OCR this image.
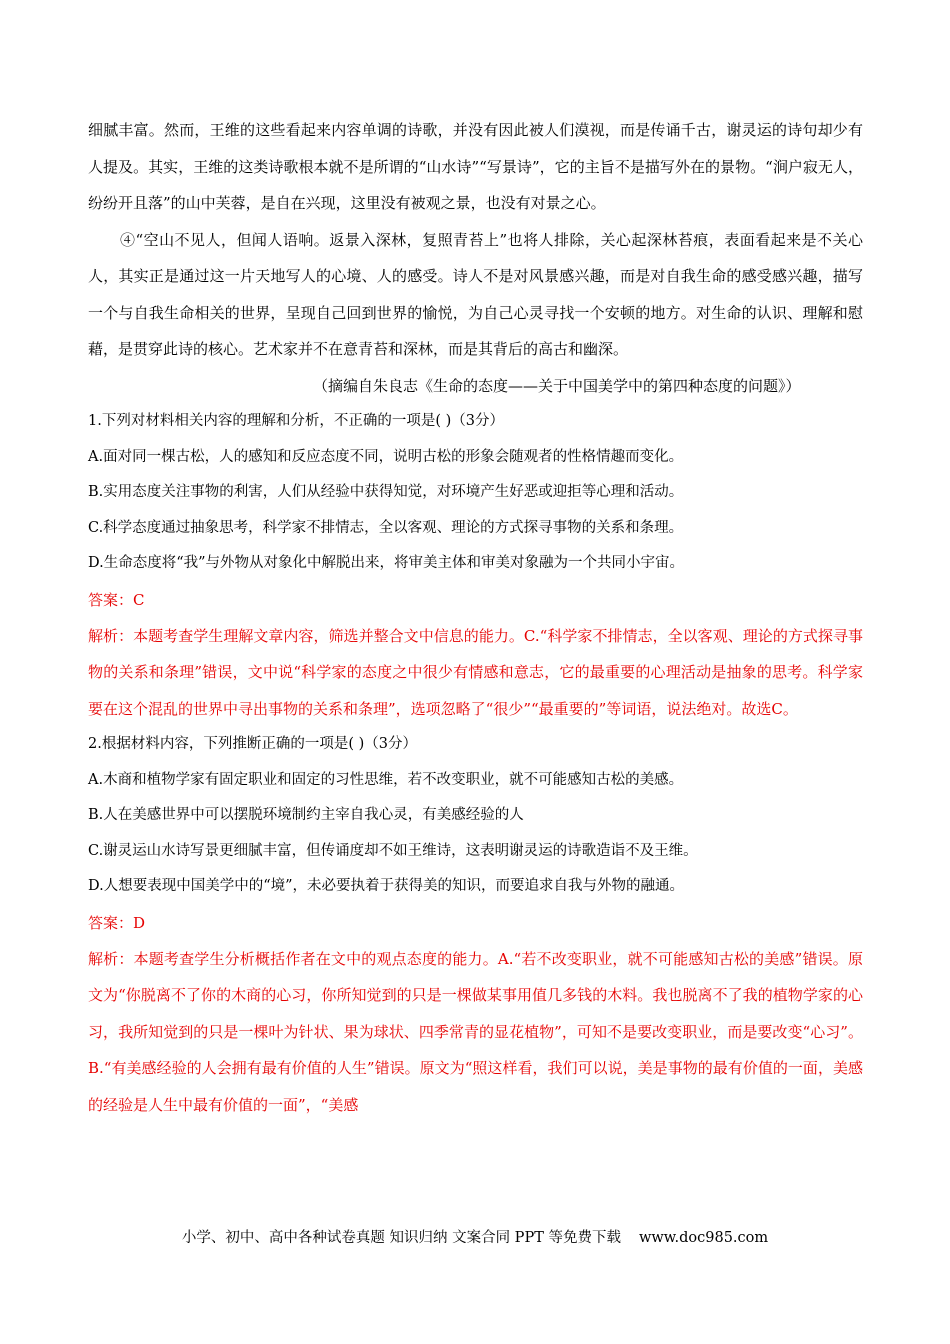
细腻丰富。然而，王维的这些看起来内容单调的诗歌，并没有因此被人们漠视，而是传诵千古，谢灵运的诗句却少有人提及。其实，王维的这类诗歌根本就不是所谓的“山水诗”“写景诗”，它的主旨不是描写外在的景物。“涧户寂无人，纷纷开且落”的山中芙蓉，是自在兴现，这里没有被观之景，也没有对景之心。

④“空山不见人，但闻人语响。返景入深林，复照青苔上”也将人排除，关心起深林苔痕，表面看起来是不关心人，其实正是通过这一片天地写人的心境、人的感受。诗人不是对风景感兴趣，而是对自我生命的感受感兴趣，描写一个与自我生命相关的世界，呈现自己回到世界的愉悦，为自己心灵寻找一个安顿的地方。对生命的认识、理解和慰藉，是贯穿此诗的核心。艺术家并不在意青苔和深林，而是其背后的高古和幽深。

（摘编自朱良志《生命的态度——关于中国美学中的第四种态度的问题》）

1.下列对材料相关内容的理解和分析，不正确的一项是( )（3分）

A.面对同一棵古松，人的感知和反应态度不同，说明古松的形象会随观者的性格情趣而变化。

B.实用态度关注事物的利害，人们从经验中获得知觉，对环境产生好恶或迎拒等心理和活动。

C.科学态度通过抽象思考，科学家不排情志，全以客观、理论的方式探寻事物的关系和条理。

D.生命态度将“我”与外物从对象化中解脱出来，将审美主体和审美对象融为一个共同小宇宙。

答案：C

解析：本题考查学生理解文章内容，筛选并整合文中信息的能力。C.“科学家不排情志，全以客观、理论的方式探寻事物的关系和条理”错误，文中说“科学家的态度之中很少有情感和意志，它的最重要的心理活动是抽象的思考。科学家要在这个混乱的世界中寻出事物的关系和条理”，选项忽略了“很少”“最重要的”等词语，说法绝对。故选C。

2.根据材料内容，下列推断正确的一项是( )（3分）

A.木商和植物学家有固定职业和固定的习性思维，若不改变职业，就不可能感知古松的美感。

B.人在美感世界中可以摆脱环境制约主宰自我心灵，有美感经验的人

C.谢灵运山水诗写景更细腻丰富，但传诵度却不如王维诗，这表明谢灵运的诗歌造诣不及王维。

D.人想要表现中国美学中的“境”，未必要执着于获得美的知识，而要追求自我与外物的融通。

答案：D

解析：本题考查学生分析概括作者在文中的观点态度的能力。A.“若不改变职业，就不可能感知古松的美感”错误。原文为“你脱离不了你的木商的心习，你所知觉到的只是一棵做某事用值几多钱的木料。我也脱离不了我的植物学家的心习，我所知觉到的只是一棵叶为针状、果为球状、四季常青的显花植物”，可知不是要改变职业，而是要改变“心习”。B.“有美感经验的人会拥有最有价值的人生”错误。原文为“照这样看，我们可以说，美是事物的最有价值的一面，美感的经验是人生中最有价值的一面”，“美感

小学、初中、高中各种试卷真题 知识归纳 文案合同 PPT 等免费下载 www.doc985.com
